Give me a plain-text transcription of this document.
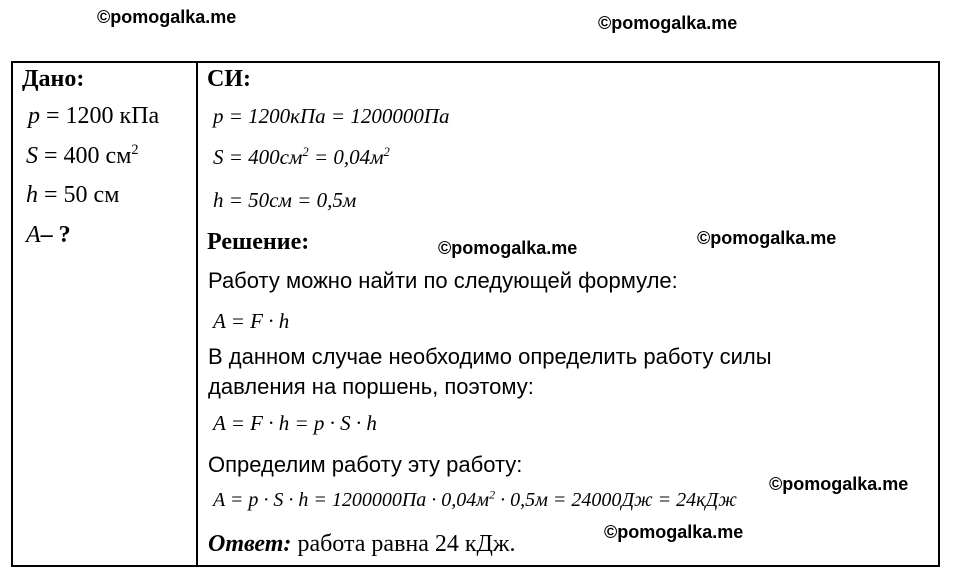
©pomogalka.me	©pomogalka.me
Дано:
p = 1200 кПа
S = 400 $см^2$
h = 50 см
A– ?
СИ:
p = 1200кПа = 1200000Па
$S = 400см^2 = 0,04м^2$
h = 50см = 0,5м
Решение:	©pomogalka.me	©pomogalka.me
Работу можно найти по следующей формуле:
A = F · h
В данном случае необходимо определить работу силы
давления на поршень, поэтому:
A = F · h = p · S · h
Определим работу эту работу:
©pomogalka.me
$A = p \cdot S \cdot h = 1200000Па \cdot 0,04м^2 \cdot 0,5м = 24000Дж = 24кДж$
©pomogalka.me
Ответ: работа равна 24 кДж.
